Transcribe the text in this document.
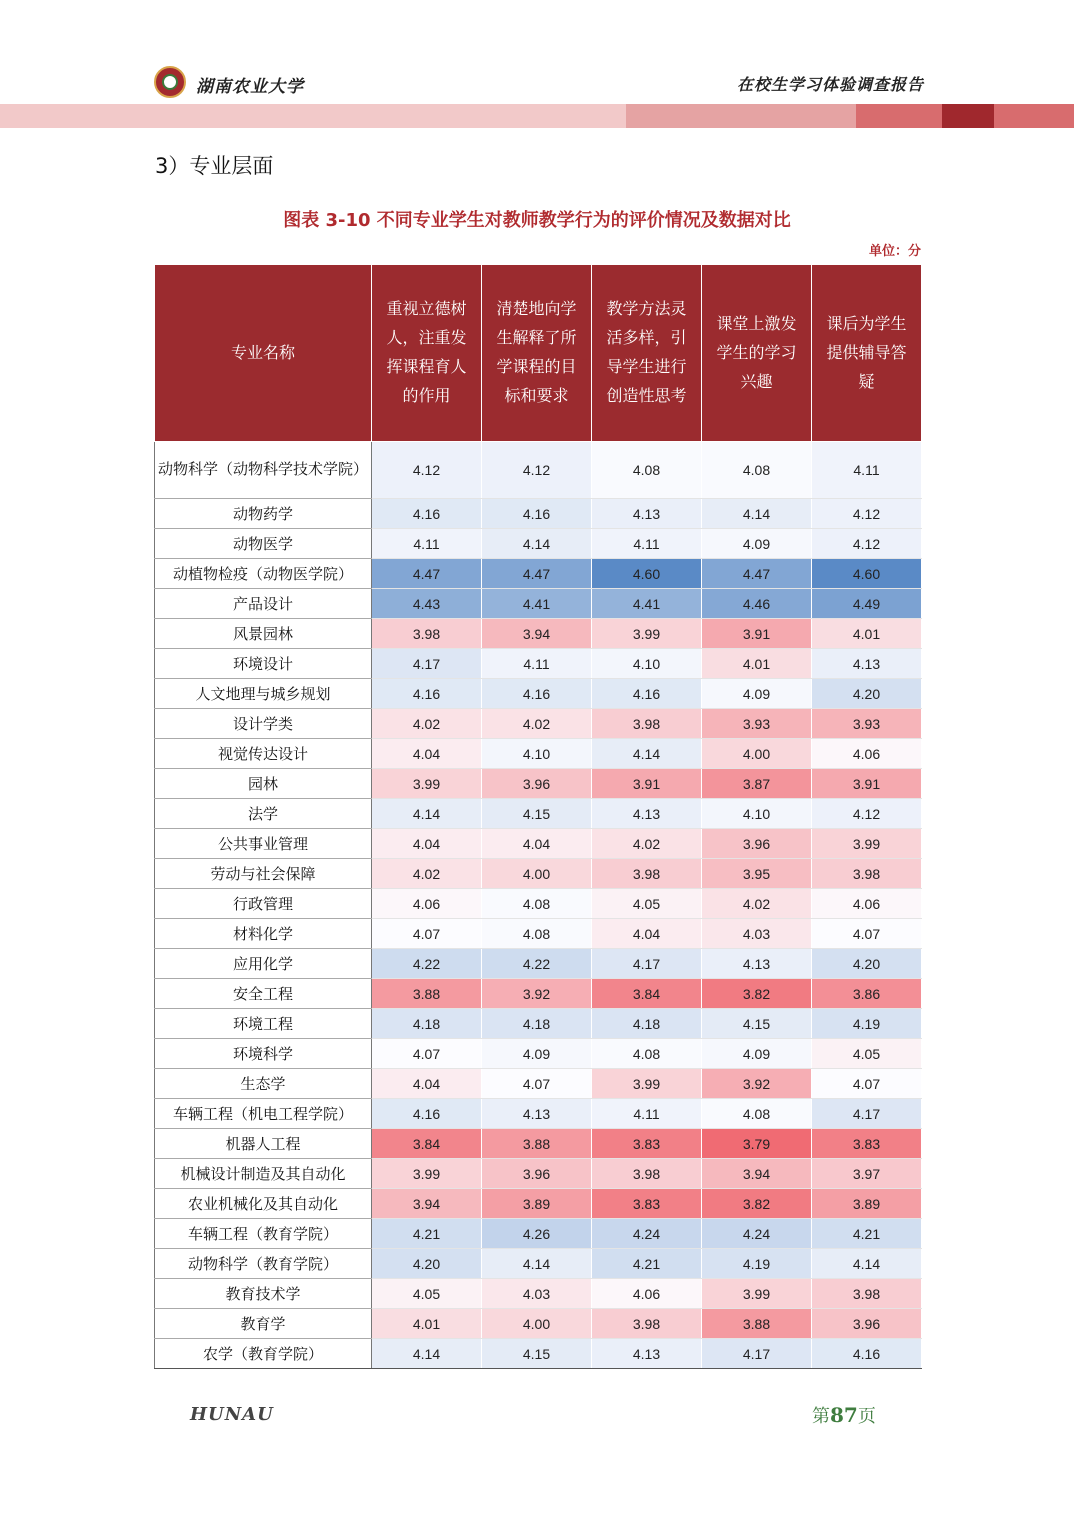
湖南农业大学	在校生学习体验调查报告
3）专业层面
图表 3-10 不同专业学生对教师教学行为的评价情况及数据对比
单位：分
专业名称	重视立德树人，注重发挥课程育人的作用	清楚地向学生解释了所学课程的目标和要求	教学方法灵活多样，引导学生进行创造性思考	课堂上激发学生的学习兴趣	课后为学生提供辅导答疑
动物科学（动物科学技术学院）	4.12	4.12	4.08	4.08	4.11
动物药学	4.16	4.16	4.13	4.14	4.12
动物医学	4.11	4.14	4.11	4.09	4.12
动植物检疫（动物医学院）	4.47	4.47	4.60	4.47	4.60
产品设计	4.43	4.41	4.41	4.46	4.49
风景园林	3.98	3.94	3.99	3.91	4.01
环境设计	4.17	4.11	4.10	4.01	4.13
人文地理与城乡规划	4.16	4.16	4.16	4.09	4.20
设计学类	4.02	4.02	3.98	3.93	3.93
视觉传达设计	4.04	4.10	4.14	4.00	4.06
园林	3.99	3.96	3.91	3.87	3.91
法学	4.14	4.15	4.13	4.10	4.12
公共事业管理	4.04	4.04	4.02	3.96	3.99
劳动与社会保障	4.02	4.00	3.98	3.95	3.98
行政管理	4.06	4.08	4.05	4.02	4.06
材料化学	4.07	4.08	4.04	4.03	4.07
应用化学	4.22	4.22	4.17	4.13	4.20
安全工程	3.88	3.92	3.84	3.82	3.86
环境工程	4.18	4.18	4.18	4.15	4.19
环境科学	4.07	4.09	4.08	4.09	4.05
生态学	4.04	4.07	3.99	3.92	4.07
车辆工程（机电工程学院）	4.16	4.13	4.11	4.08	4.17
机器人工程	3.84	3.88	3.83	3.79	3.83
机械设计制造及其自动化	3.99	3.96	3.98	3.94	3.97
农业机械化及其自动化	3.94	3.89	3.83	3.82	3.89
车辆工程（教育学院）	4.21	4.26	4.24	4.24	4.21
动物科学（教育学院）	4.20	4.14	4.21	4.19	4.14
教育技术学	4.05	4.03	4.06	3.99	3.98
教育学	4.01	4.00	3.98	3.88	3.96
农学（教育学院）	4.14	4.15	4.13	4.17	4.16
HUNAU	第87页
